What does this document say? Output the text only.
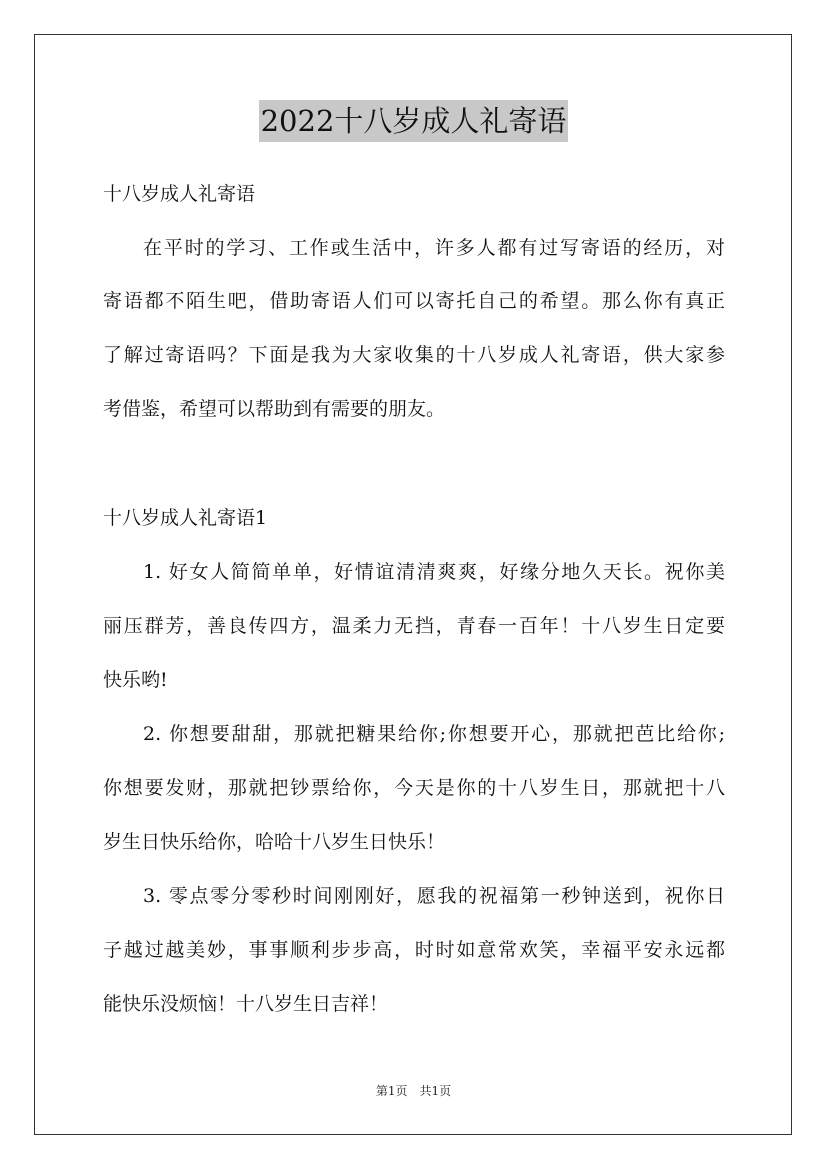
2022十八岁成人礼寄语
十八岁成人礼寄语
在平时的学习、工作或生活中，许多人都有过写寄语的经历，对
寄语都不陌生吧，借助寄语人们可以寄托自己的希望。那么你有真正
了解过寄语吗？下面是我为大家收集的十八岁成人礼寄语，供大家参
考借鉴，希望可以帮助到有需要的朋友。
十八岁成人礼寄语1
1. 好女人简简单单，好情谊清清爽爽，好缘分地久天长。祝你美
丽压群芳，善良传四方，温柔力无挡，青春一百年！十八岁生日定要
快乐哟!
2. 你想要甜甜，那就把糖果给你;你想要开心，那就把芭比给你;
你想要发财，那就把钞票给你，今天是你的十八岁生日，那就把十八
岁生日快乐给你，哈哈十八岁生日快乐！
3. 零点零分零秒时间刚刚好，愿我的祝福第一秒钟送到，祝你日
子越过越美妙，事事顺利步步高，时时如意常欢笑，幸福平安永远都
能快乐没烦恼！十八岁生日吉祥！
第1页 共1页
